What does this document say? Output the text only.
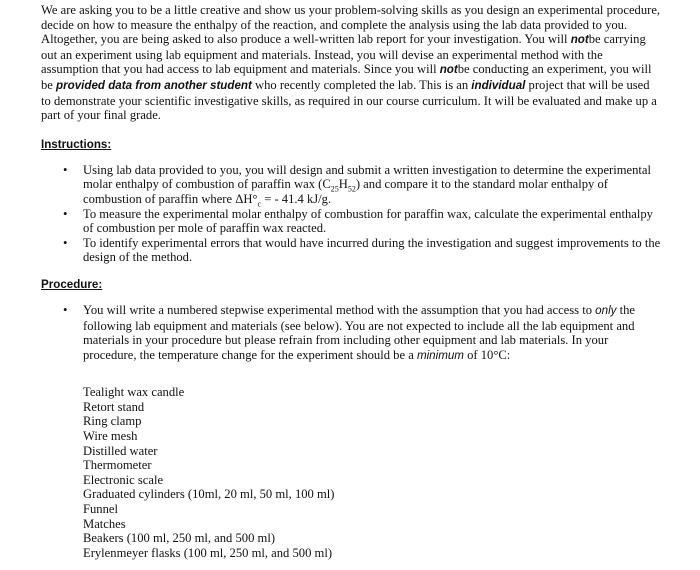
We are asking you to be a little creative and show us your problem-solving skills as you design an experimental procedure, decide on how to measure the enthalpy of the reaction, and complete the analysis using the lab data provided to you. Altogether, you are being asked to also produce a well-written lab report for your investigation. You will notbe carrying out an experiment using lab equipment and materials. Instead, you will devise an experimental method with the assumption that you had access to lab equipment and materials. Since you will notbe conducting an experiment, you will be provided data from another student who recently completed the lab. This is an individual project that will be used to demonstrate your scientific investigative skills, as required in our course curriculum. It will be evaluated and make up a part of your final grade.

Instructions:

• Using lab data provided to you, you will design and submit a written investigation to determine the experimental molar enthalpy of combustion of paraffin wax $(C_{25}H_{52})$ and compare it to the standard molar enthalpy of combustion of paraffin where $\Delta H^\circ_c$ = - 41.4 kJ/g.
• To measure the experimental molar enthalpy of combustion for paraffin wax, calculate the experimental enthalpy of combustion per mole of paraffin wax reacted.
• To identify experimental errors that would have incurred during the investigation and suggest improvements to the design of the method.

Procedure:

• You will write a numbered stepwise experimental method with the assumption that you had access to only the following lab equipment and materials (see below). You are not expected to include all the lab equipment and materials in your procedure but please refrain from including other equipment and lab materials. In your procedure, the temperature change for the experiment should be a minimum of 10°C:
Tealight wax candle
Retort stand
Ring clamp
Wire mesh
Distilled water
Thermometer
Electronic scale
Graduated cylinders (10ml, 20 ml, 50 ml, 100 ml)
Funnel
Matches
Beakers (100 ml, 250 ml, and 500 ml)
Erylenmeyer flasks (100 ml, 250 ml, and 500 ml)
